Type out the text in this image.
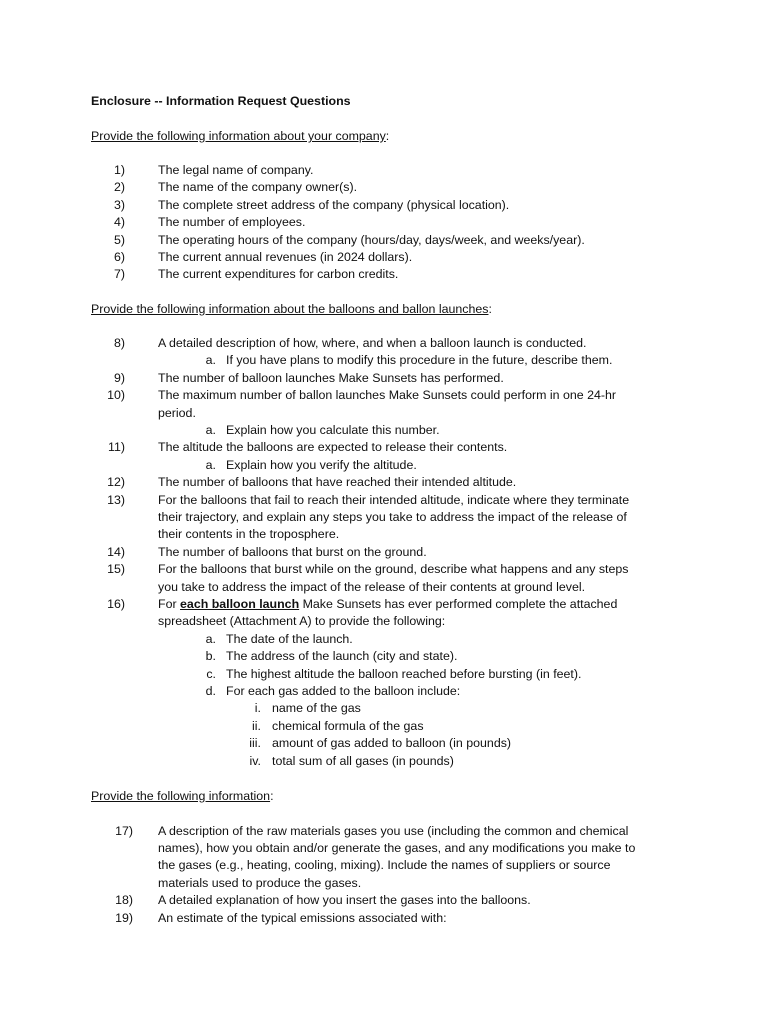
Enclosure -- Information Request Questions
Provide the following information about your company:
1)	The legal name of company.
2)	The name of the company owner(s).
3)	The complete street address of the company (physical location).
4)	The number of employees.
5)	The operating hours of the company (hours/day, days/week, and weeks/year).
6)	The current annual revenues (in 2024 dollars).
7)	The current expenditures for carbon credits.
Provide the following information about the balloons and ballon launches:
8)	A detailed description of how, where, and when a balloon launch is conducted.
a. If you have plans to modify this procedure in the future, describe them.
9)	The number of balloon launches Make Sunsets has performed.
10)	The maximum number of ballon launches Make Sunsets could perform in one 24-hr
period.
a. Explain how you calculate this number.
11)	The altitude the balloons are expected to release their contents.
a. Explain how you verify the altitude.
12)	The number of balloons that have reached their intended altitude.
13)	For the balloons that fail to reach their intended altitude, indicate where they terminate
their trajectory, and explain any steps you take to address the impact of the release of
their contents in the troposphere.
14)	The number of balloons that burst on the ground.
15)	For the balloons that burst while on the ground, describe what happens and any steps
you take to address the impact of the release of their contents at ground level.
16)	For each balloon launch Make Sunsets has ever performed complete the attached
spreadsheet (Attachment A) to provide the following:
a. The date of the launch.
b. The address of the launch (city and state).
c. The highest altitude the balloon reached before bursting (in feet).
d. For each gas added to the balloon include:
i. name of the gas
ii. chemical formula of the gas
iii. amount of gas added to balloon (in pounds)
iv. total sum of all gases (in pounds)
Provide the following information:
17) A description of the raw materials gases you use (including the common and chemical
names), how you obtain and/or generate the gases, and any modifications you make to
the gases (e.g., heating, cooling, mixing). Include the names of suppliers or source
materials used to produce the gases.
18) A detailed explanation of how you insert the gases into the balloons.
19) An estimate of the typical emissions associated with:
